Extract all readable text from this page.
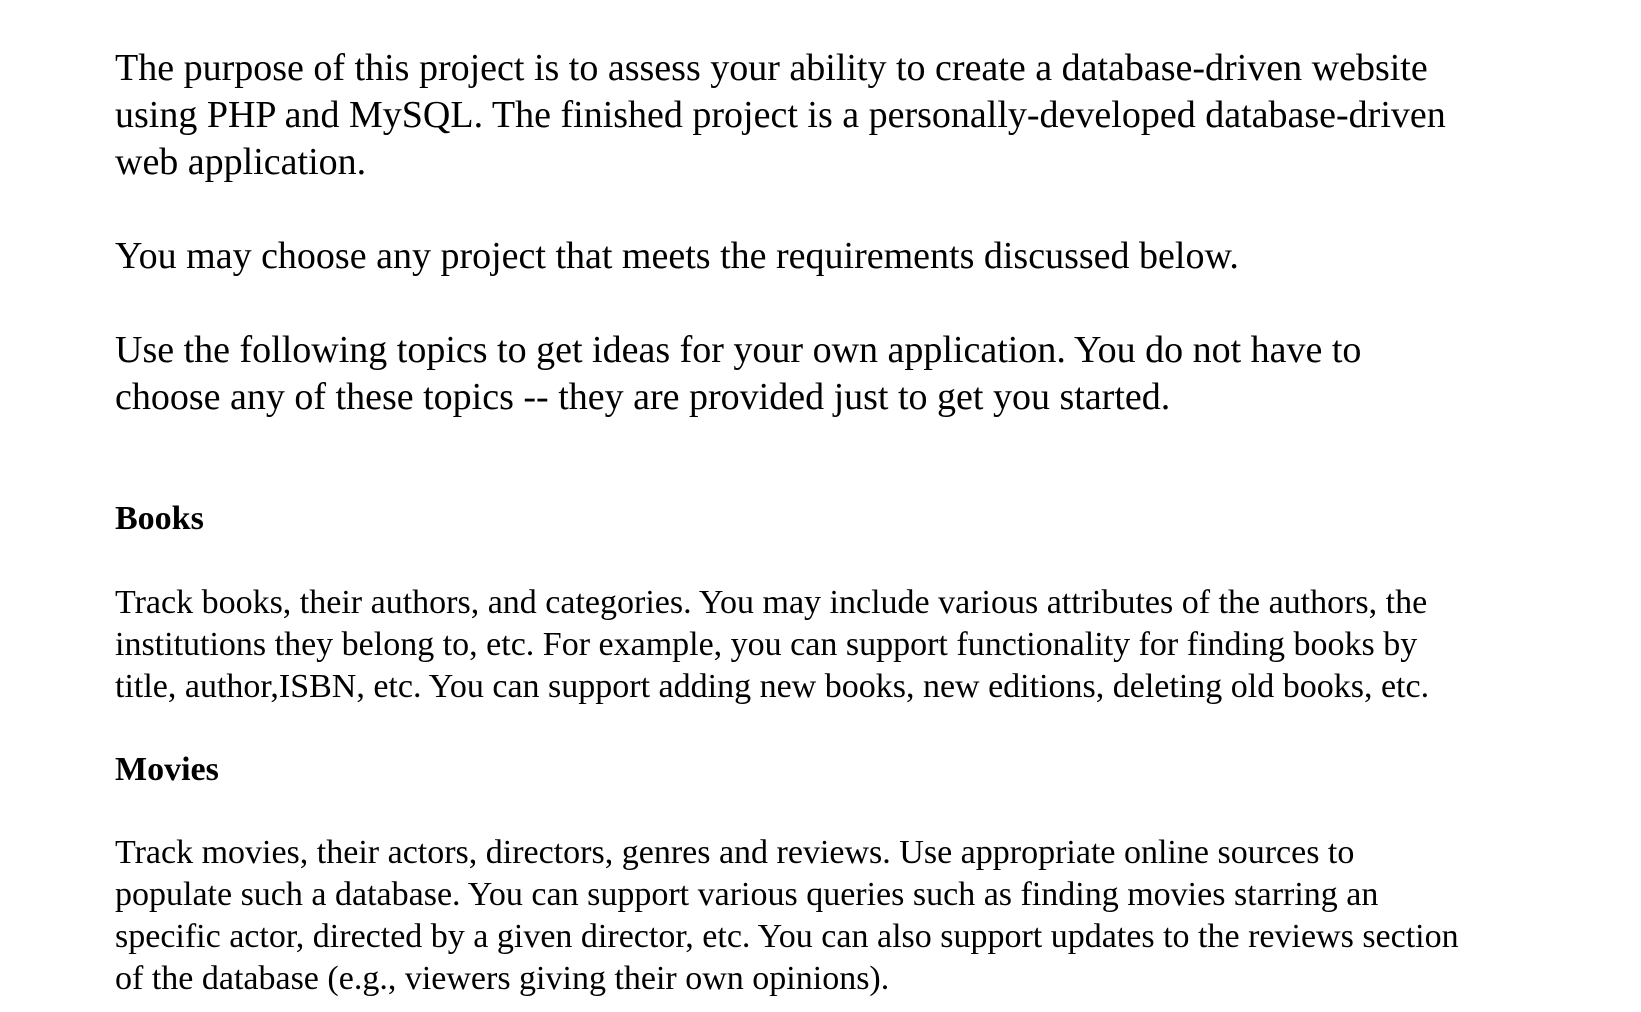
The purpose of this project is to assess your ability to create a database-driven website
using PHP and MySQL. The finished project is a personally-developed database-driven
web application.

You may choose any project that meets the requirements discussed below.

Use the following topics to get ideas for your own application. You do not have to
choose any of these topics -- they are provided just to get you started.

Books

Track books, their authors, and categories. You may include various attributes of the authors, the
institutions they belong to, etc. For example, you can support functionality for finding books by
title, author,ISBN, etc. You can support adding new books, new editions, deleting old books, etc.

Movies

Track movies, their actors, directors, genres and reviews. Use appropriate online sources to
populate such a database. You can support various queries such as finding movies starring an
specific actor, directed by a given director, etc. You can also support updates to the reviews section
of the database (e.g., viewers giving their own opinions).
